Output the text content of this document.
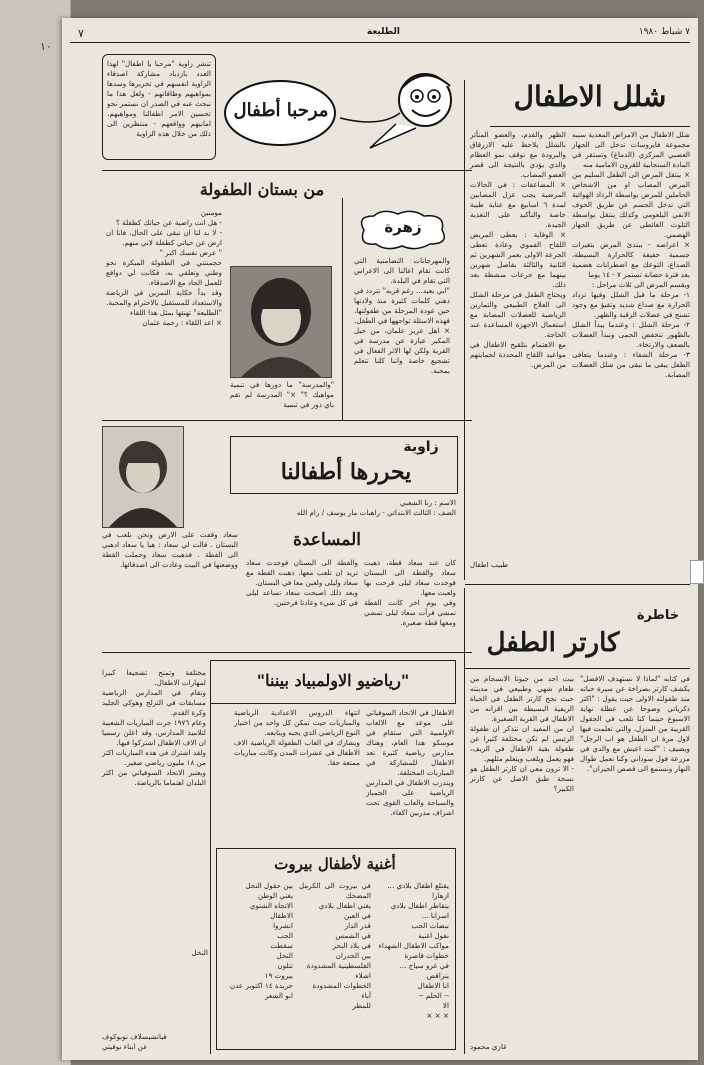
١٠
٧ شباط ١٩٨٠
الطليعة
٧
شلل الاطفال
شلل الاطفال من الامراض المعدية سببه مجموعة فايروسات تدخل الى الجهاز العصبي المركزي (الدماغ) وتستقر في المادة السنجابية للقرون الامامية منه
× ينتقل المرض الى الطفل السليم من المرض المصاب او من الاشخاص الحاملين للمرض بواسطة الرذاذ الهوائية التي تدخل الجسم عن طريق الحوف الانفي البلعومي وكذلك ينتقل بواسطة التلوث الغائطي عن طريق الجهاز الهضمي.
× اعراضه - يبتدئ المرض بتغيرات جسمية خفيفة كالحرارة البسيطة، الصداع، التوعك مع اضطرابات هضمية بعد فترة حضانة تستمر ٧ - ١٤ يوما
ويقسم المرض الى ثلاث مراحل :
١- مرحلة ما قبل الشلل وفيها تزداد الحرارة مع صداع شديد وتقيؤ مع وجود تشنج في عضلات الرقبة والظهر.
٢- مرحلة الشلل : وعندما يبدأ الشلل بالظهور تنخفض الحمى وتبدأ العضلات بالضعف والارتخاء.
٣- مرحلة الشفاء : وعندما يتعافى الطفل يبقى ما تبقى من شلل العضلات المصابة.
الظهر والقدم، والعضو المتأثر بالشلل يلاحظ عليه الازرقاق والبرودة مع توقف نمو العظام والذي يؤدي بالنتيجة الى قصر العضو المصاب.
× المضاعفات : في الحالات المرضية يجب عزل المصابين لمدة ٦ اسابيع مع عناية طبية خاصة والتأكيد على التغذية الجيدة.
× الوقاية : يعطى المريض اللقاح الفموي وعادة تعطى الجرعة الاولى بعمر الشهرين ثم الثانية والثالثة بفاصل شهرين بينهما مع جرعات منشطة بعد ذلك.
ويحتاج الطفل في مرحلة الشلل الى العلاج الطبيعي والتمارين الرياضية للعضلات المصابة مع استعمال الاجهزة المساعدة عند الحاجة.
مع الاهتمام بتلقيح الاطفال في مواعيد اللقاح المحددة لحمايتهم من المرض.
طبيب اطفال
خاطرة
كارتر الطفل
في كتابه "لماذا لا نستهدف الافضل" يكشف كارتر بصراحة عن سيرة حياته منذ طفولته الاولى حيث يقول : "اكثر ذكرياتي وضوحا عن عطلة نهاية الاسبوع حينما كنا نلعب في الحقول القريبة من المنزل، والتي تعلمت فيها لاول مرة ان الطفل هو اب الرجل" ويضيف : "كنت اعيش مع والدي في مزرعة فول سوداني وكنا نعمل طوال النهار ونستمع الى قصص الجيران".
بيت احد من جيوتا الانسجام من طعام شهي وطبيعي في مدينته حيث نجح كارتر الطفل في الحياة الريفية البسيطة بين اقرانه من الاطفال في القرية الصغيرة.
ان من المفيد ان نتذكر ان طفولة الرئيس لم تكن مختلفة كثيرا عن طفولة بقية الاطفال في الريف، فهو يعمل ويلعب ويتعلم مثلهم.
- الا ترون معي ان كارتر الطفل هو نسخة طبق الاصل عن كارتر الكبير؟
غازي محمود
تنشر زاوية "مرحبا يا اطفال" لهذا العدد بازدياد مشاركة اصدقاء الزاوية انفسهم في تحريرها وسدها بمواهبهم وطاقاتهم - ولعل هذا ما نبحث عنه في الصدر ان نستمر نحو تحسين الامر اطفالنا ومواهبهم، امانيهم وواقعهم - منتظرين الى ذلك من خلال هذه الزاوية
مرحبا أطفال
من بستان الطفولة
زهرة
والمهرجانات التضامنية التي كانت تقام اعالنا الى الاعراس التي تقام في البلدة.
"ابي بعيد... رغم قربه" تتردد في ذهني كلمات كثيرة منذ ولادتها حين عودة المرحلة من طفولتها، فهذه الاسئلة تواجهها في الطفل.
× اهل عزيز علمان، من حيل المكبر عبارة عن مدرسة في القرية ولكن لها الاثر الفعال في تشجيع خاصة واننا كلنا نتعلم بمحبة.
"والمدرسة" ما دورها في تنمية مواهبك ؟" ×" المدرسة لم تقم باي دور في تنمية
مومنين
- هل انت راضية عن حياتك كطفلة ؟
- لا بد لنا ان نبقى على الحال، فانا ان ارض عن حياتي كطفلة لاني منهم.
" عرض نفسك اكبر "
حجمنتني في الطفولة المبكرة نحو وطني وتعلقي به، فكانت لي دوافع للعمل الجاد مع الاصدقاء.
وقد بدأ حكاية التمرين في الرياضة والاستعداد للمستقبل بالاحترام والمحبة.
"الطليعة" تهنئها بمثل هذا اللقاء
× اعد اللقاء : رحمة عثمان
زاوية
يحررها أطفالنا
الاسم : رنا الشعبي
الصف : الثالث الابتدائي - راهبات مار يوسف / رام الله
المساعدة
كان عند سعاد قطة، ذهبت سعاد والقطة الى البستان فوجدت سعاد ليلى فرحت بها ولعبت معها.
وفي يوم اخر كانت القطة تمشي فرأت سعاد ليلى تمشي ومعها قطة صغيرة.
والقطة الى البستان فوجدت سعاد تريد ان تلعب معها. ذهبت القطة مع سعاد وليلى ولعبن معا في البستان.
وبعد ذلك اصبحت سعاد تساعد ليلى في كل شيء وعادتا فرحتين.
سعاد وقفت على الارض ونحن نلعب في البستان . قالت لي سعاد : هيا يا سعاد ادهبي الى القطة . فذهبت سعاد وحملت القطة ووضعتها في البيت وعادت الى اصدقائها.
"رياضيو الاولمبياد بيننا"
الاطفال في الاتحاد السوفياتي على موعد مع الالعاب الاولمبية التي ستقام في موسكو هذا العام، وهناك مدارس رياضية كثيرة تعد الاطفال للمشاركة في المباريات المختلفة.
ويتدرب الاطفال في المدارس الرياضية على الجمباز والسباحة والعاب القوى تحت اشراف مدربين اكفاء.
انتهاء الدروس الاعدادية الرياضية والمباريات حيث تمكن كل واحد من اختيار النوع الرياضي الذي يحبه ويتابعه.
ويشارك في العاب الطفولة الرياضية الاف الاطفال في عشرات المدن وكانت مباريات ممتعة حقا.
مختلفة وتمنح تشجيعا كبيرا لمهارات الاطفال.
وتقام في المدارس الرياضية مسابقات في التزلج وهوكي الجليد وكرة القدم.
وعام ١٩٧٦ جرت المباريات الشعبية لتلاميذ المدارس، وقد اعلن رسميا ان الاف الاطفال اشتركوا فيها.
ولقد اشترك في هذه المباريات اكثر من ١٨ مليون رياضي صغير.
ويعتبر الاتحاد السوفياتي من اكثر البلدان اهتماما بالرياضة.
فياتشيسلاف نوبوكوف
عن ابناء نوفيتي
أغنية لأطفال بيروت
يقتلع اطفال بلادي ...
ازهارا
يتقاطر اطفال بلادي
اسرابا ...
نبضات الحب
نقول اغنية
مواكب الاطفال الشهداء
خطوات قاصرة
في غزو سياج ...
يتراقص
انا الاطفال
-- الحلم --
الا
× × ×
في بيروت الى الكرمل المضحك
يغني اطفال بلادي
في العين
قدر الدار
في الشمس
في بلاد البحر
بين الجدران
الفلسطينية المشدودة
اشلاء
الخطوات المشدودة
آباء
للمطر
بين حقول النخل
يغني الوطن
الاتجاه الشتوي
الاطفال
انشروا
الحب
سقطت
النخل
تتلون
بيروت ١٩
حريدة ١٤ اكتوبر عدن
ابو الشعر
النخل
